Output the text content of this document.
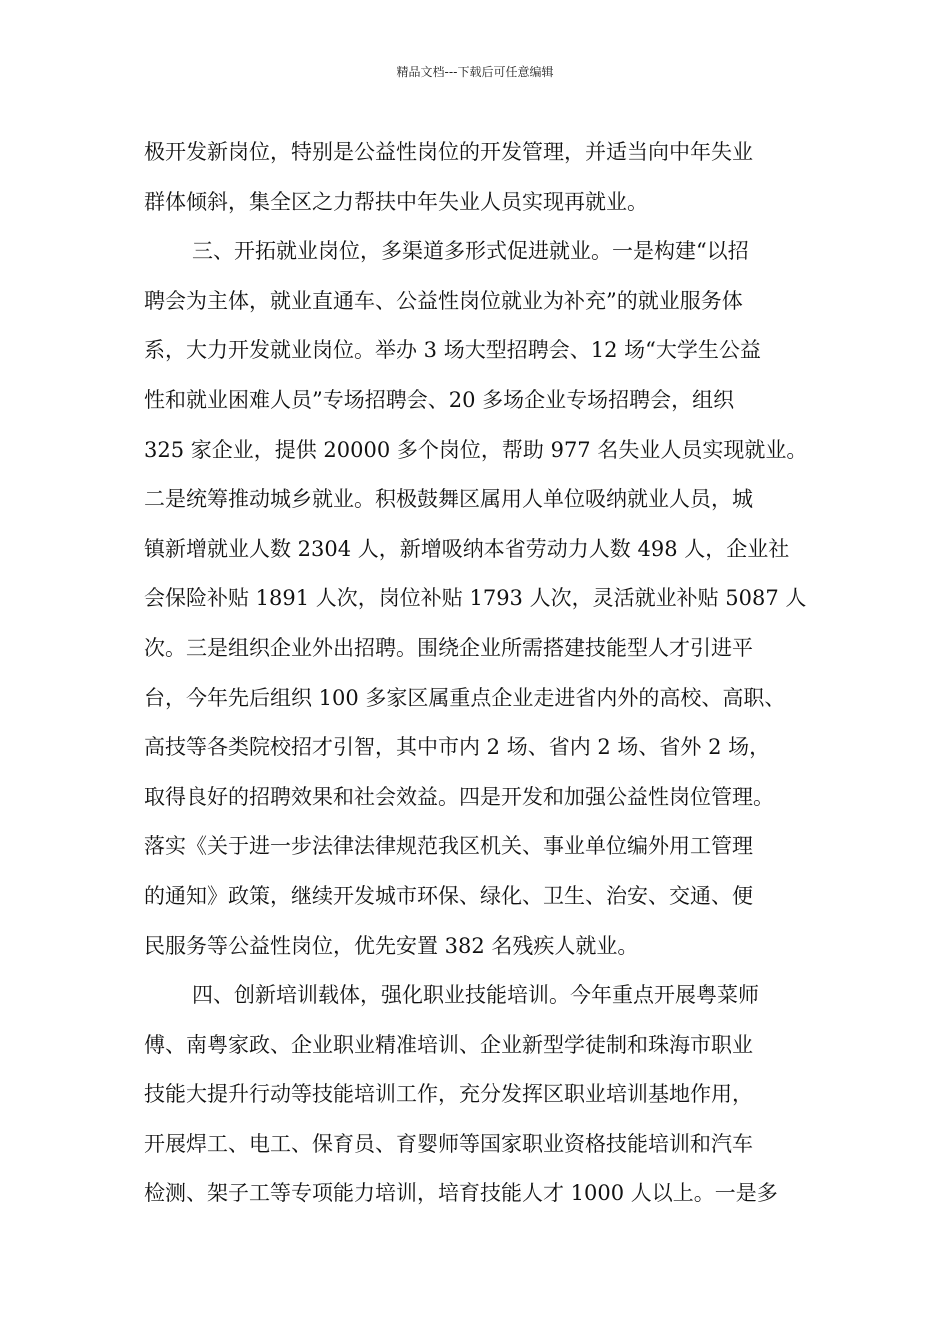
精品文档---下载后可任意编辑
极开发新岗位，特别是公益性岗位的开发管理，并适当向中年失业
群体倾斜，集全区之力帮扶中年失业人员实现再就业。
三、开拓就业岗位，多渠道多形式促进就业。一是构建“以招
聘会为主体，就业直通车、公益性岗位就业为补充”的就业服务体
系，大力开发就业岗位。举办 3 场大型招聘会、12 场“大学生公益
性和就业困难人员”专场招聘会、20 多场企业专场招聘会，组织
325 家企业，提供 20000 多个岗位，帮助 977 名失业人员实现就业。
二是统筹推动城乡就业。积极鼓舞区属用人单位吸纳就业人员，城
镇新增就业人数 2304 人，新增吸纳本省劳动力人数 498 人，企业社
会保险补贴 1891 人次，岗位补贴 1793 人次，灵活就业补贴 5087 人
次。三是组织企业外出招聘。围绕企业所需搭建技能型人才引进平
台，今年先后组织 100 多家区属重点企业走进省内外的高校、高职、
高技等各类院校招才引智，其中市内 2 场、省内 2 场、省外 2 场，
取得良好的招聘效果和社会效益。四是开发和加强公益性岗位管理。
落实《关于进一步法律法律规范我区机关、事业单位编外用工管理
的通知》政策，继续开发城市环保、绿化、卫生、治安、交通、便
民服务等公益性岗位，优先安置 382 名残疾人就业。
四、创新培训载体，强化职业技能培训。今年重点开展粤菜师
傅、南粤家政、企业职业精准培训、企业新型学徒制和珠海市职业
技能大提升行动等技能培训工作，充分发挥区职业培训基地作用，
开展焊工、电工、保育员、育婴师等国家职业资格技能培训和汽车
检测、架子工等专项能力培训，培育技能人才 1000 人以上。一是多
